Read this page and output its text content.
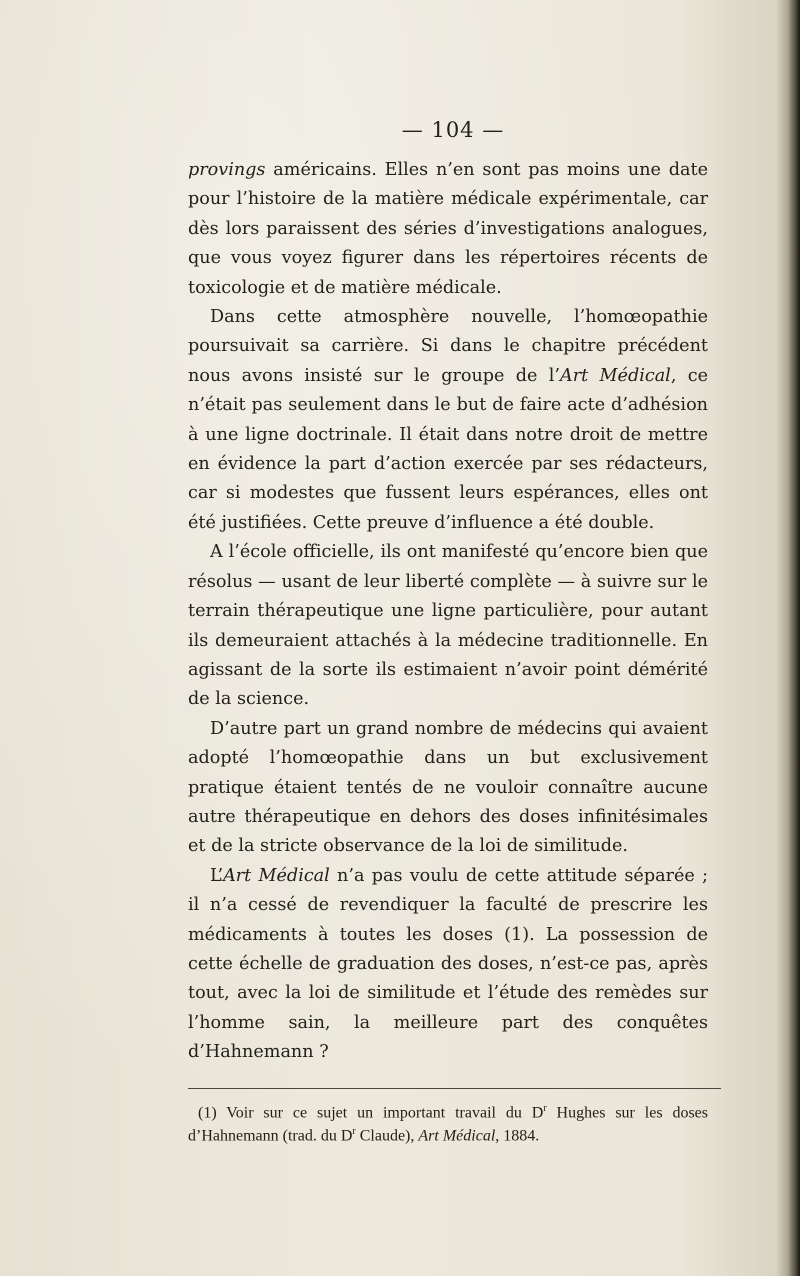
— 104 —

provings américains. Elles n’en sont pas moins une date pour l’histoire de la matière médicale expérimentale, car dès lors paraissent des séries d’investigations analogues, que vous voyez figurer dans les répertoires récents de toxicologie et de matière médicale.

Dans cette atmosphère nouvelle, l’homœopathie poursuivait sa carrière. Si dans le chapitre précédent nous avons insisté sur le groupe de l’Art Médical, ce n’était pas seulement dans le but de faire acte d’adhésion à une ligne doctrinale. Il était dans notre droit de mettre en évidence la part d’action exercée par ses rédacteurs, car si modestes que fussent leurs espérances, elles ont été justifiées. Cette preuve d’influence a été double.

A l’école officielle, ils ont manifesté qu’encore bien que résolus — usant de leur liberté complète — à suivre sur le terrain thérapeutique une ligne particulière, pour autant ils demeuraient attachés à la médecine traditionnelle. En agissant de la sorte ils estimaient n’avoir point démérité de la science.

D’autre part un grand nombre de médecins qui avaient adopté l’homœopathie dans un but exclusivement pratique étaient tentés de ne vouloir connaître aucune autre thérapeutique en dehors des doses infinitésimales et de la stricte observance de la loi de similitude.

L’Art Médical n’a pas voulu de cette attitude séparée ; il n’a cessé de revendiquer la faculté de prescrire les médicaments à toutes les doses (1). La possession de cette échelle de graduation des doses, n’est-ce pas, après tout, avec la loi de similitude et l’étude des remèdes sur l’homme sain, la meilleure part des conquêtes d’Hahnemann ?

(1) Voir sur ce sujet un important travail du $D^r$ Hughes sur les doses d’Hahnemann (trad. du $D^r$ Claude), Art Médical, 1884.
